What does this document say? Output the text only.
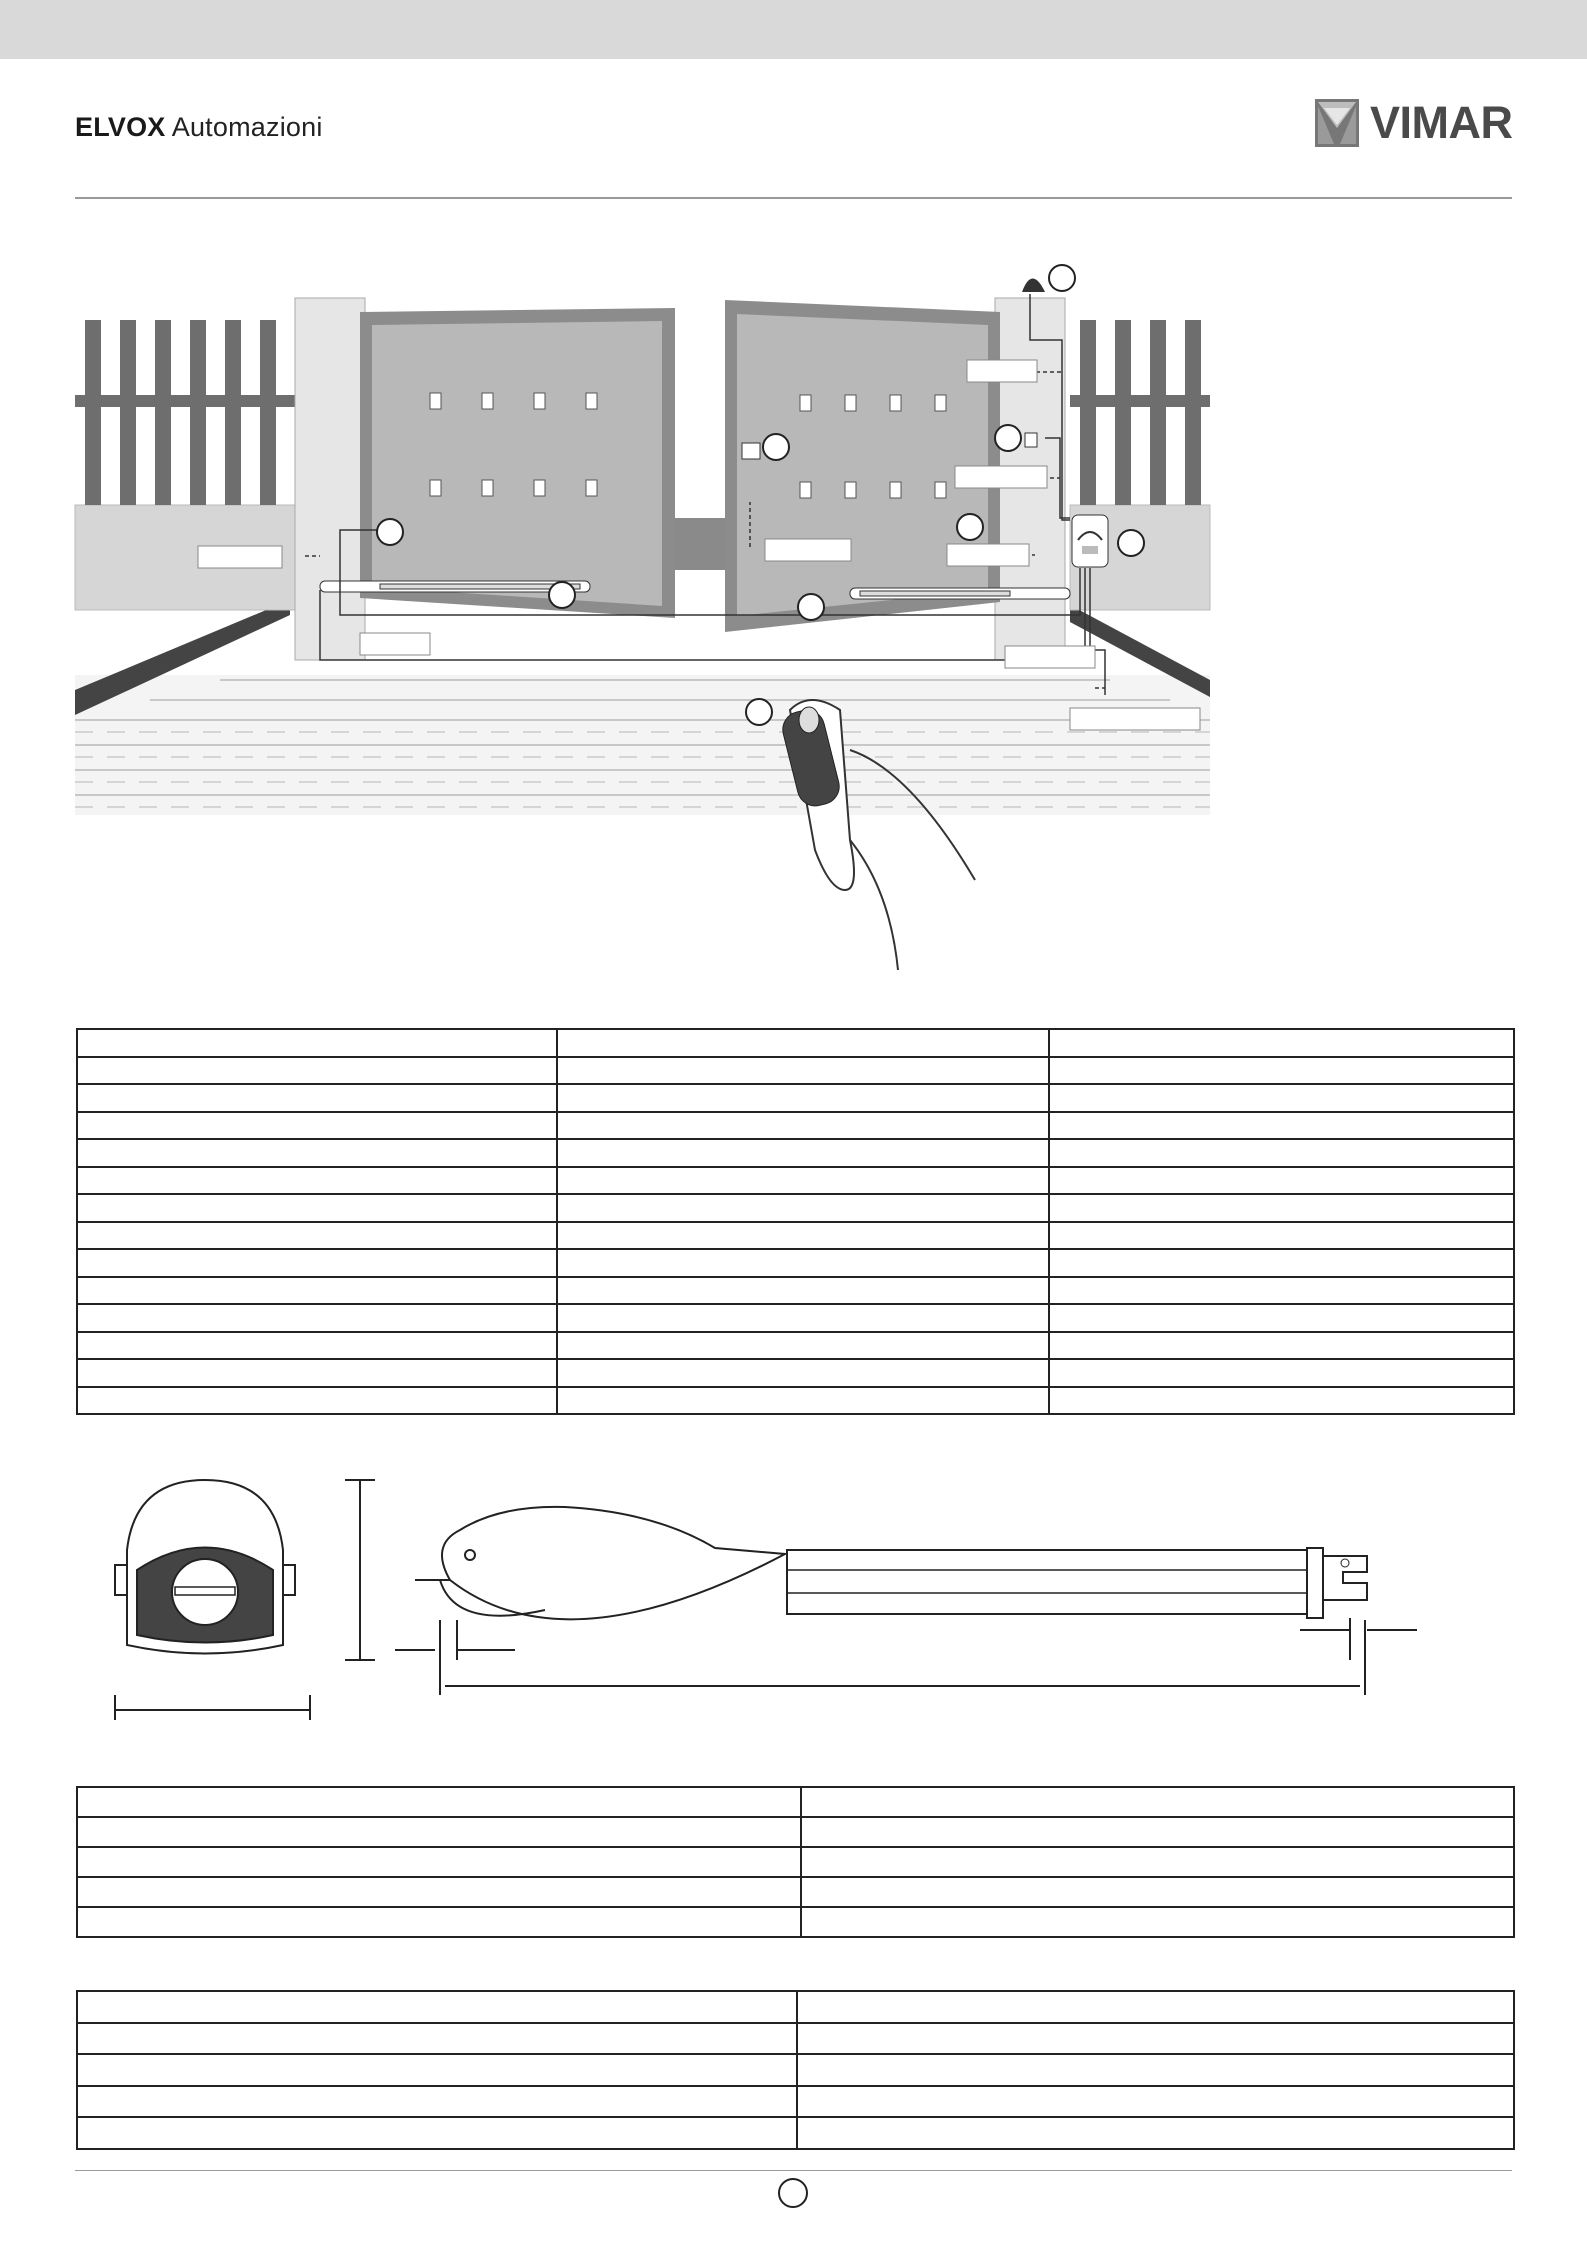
ELVOX Automazioni	VIMAR
